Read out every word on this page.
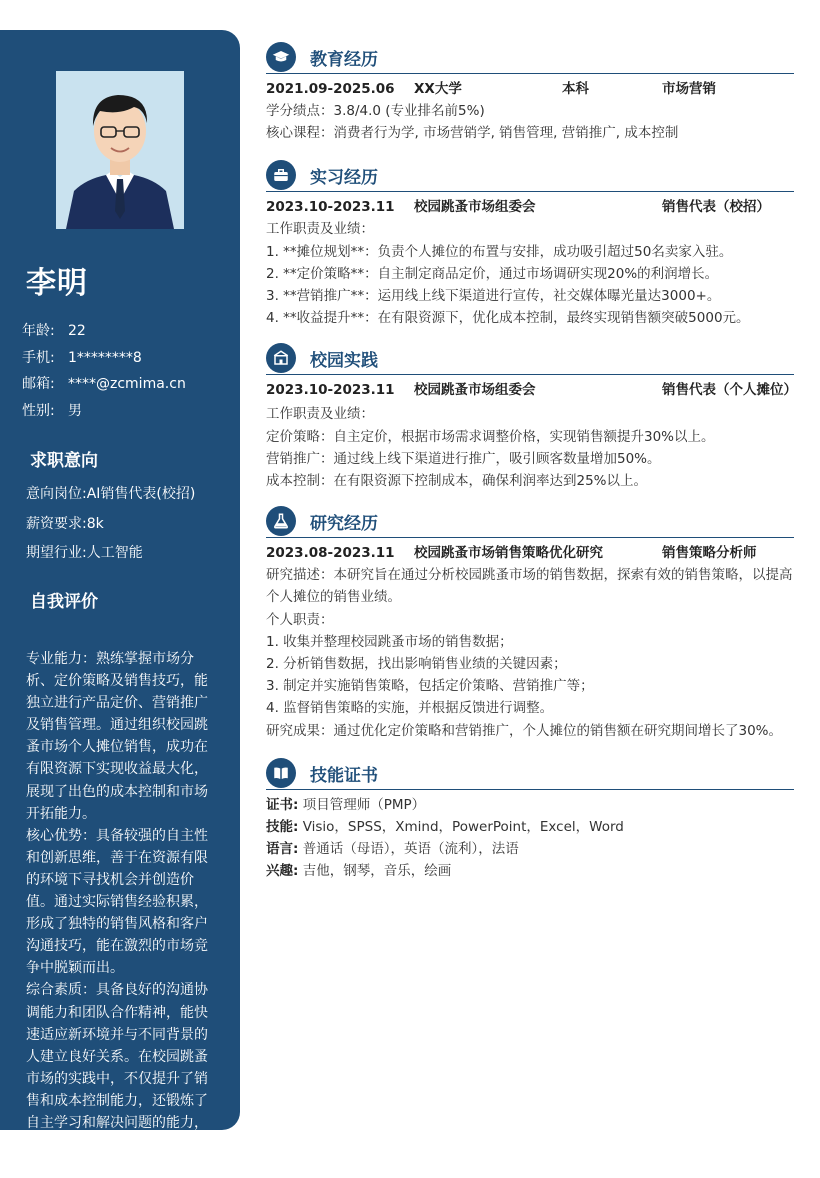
李明
年龄: 22
手机: 1********8
邮箱: ****@zcmima.cn
性别: 男
求职意向
意向岗位:AI销售代表(校招)
薪资要求:8k
期望行业:人工智能
自我评价

专业能力：熟练掌握市场分析、定价策略及销售技巧，能独立进行产品定价、营销推广及销售管理。通过组织校园跳蚤市场个人摊位销售，成功在有限资源下实现收益最大化，展现了出色的成本控制和市场开拓能力。

核心优势：具备较强的自主性和创新思维，善于在资源有限的环境下寻找机会并创造价值。通过实际销售经验积累，形成了独特的销售风格和客户沟通技巧，能在激烈的市场竞争中脱颖而出。

综合素质：具备良好的沟通协调能力和团队合作精神，能快速适应新环境并与不同背景的人建立良好关系。在校园跳蚤市场的实践中，不仅提升了销售和成本控制能力，还锻炼了自主学习和解决问题的能力，培养了积极进取的心态和良好的工作习惯。

教育经历
2021.09-2025.06	XX大学	本科	市场营销
学分绩点：3.8/4.0 (专业排名前5%)
核心课程：消费者行为学, 市场营销学, 销售管理, 营销推广, 成本控制
实习经历
2023.10-2023.11	校园跳蚤市场组委会	销售代表（校招）
工作职责及业绩：
1. **摊位规划**：负责个人摊位的布置与安排，成功吸引超过50名卖家入驻。
2. **定价策略**：自主制定商品定价，通过市场调研实现20%的利润增长。
3. **营销推广**：运用线上线下渠道进行宣传，社交媒体曝光量达3000+。
4. **收益提升**：在有限资源下，优化成本控制，最终实现销售额突破5000元。
校园实践
2023.10-2023.11	校园跳蚤市场组委会	销售代表（个人摊位）
工作职责及业绩：
定价策略：自主定价，根据市场需求调整价格，实现销售额提升30%以上。
营销推广：通过线上线下渠道进行推广，吸引顾客数量增加50%。
成本控制：在有限资源下控制成本，确保利润率达到25%以上。
研究经历
2023.08-2023.11	校园跳蚤市场销售策略优化研究	销售策略分析师
研究描述：本研究旨在通过分析校园跳蚤市场的销售数据，探索有效的销售策略，以提高个人摊位的销售业绩。
个人职责：
1. 收集并整理校园跳蚤市场的销售数据；
2. 分析销售数据，找出影响销售业绩的关键因素；
3. 制定并实施销售策略，包括定价策略、营销推广等；
4. 监督销售策略的实施，并根据反馈进行调整。
研究成果：通过优化定价策略和营销推广，个人摊位的销售额在研究期间增长了30%。
技能证书
证书: 项目管理师（PMP）
技能: Visio，SPSS，Xmind，PowerPoint，Excel，Word
语言: 普通话（母语），英语（流利），法语
兴趣: 吉他，钢琴，音乐，绘画
